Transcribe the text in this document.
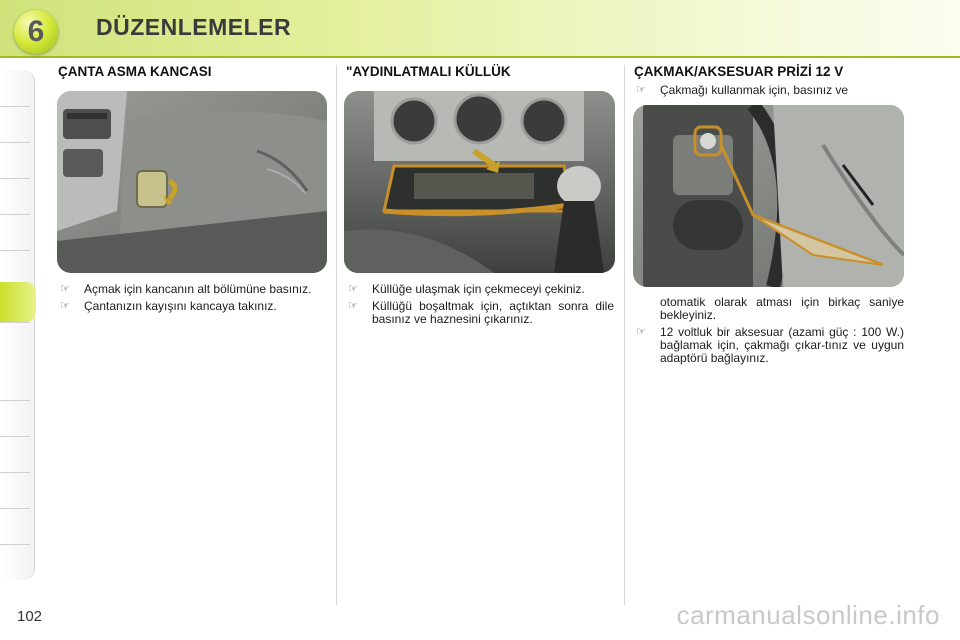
6 DÜZENLEMELER
ÇANTA ASMA KANCASI
☞ Açmak için kancanın alt bölümüne basınız.
☞ Çantanızın kayışını kancaya takınız.
"AYDINLATMALI KÜLLÜK
☞ Küllüğe ulaşmak için çekmeceyi çekiniz.
☞ Küllüğü boşaltmak için, açtıktan sonra dile basınız ve haznesini çıkarınız.
ÇAKMAK/AKSESUAR PRİZİ 12 V
☞ Çakmağı kullanmak için, basınız ve
otomatik olarak atması için birkaç saniye bekleyiniz.
☞ 12 voltluk bir aksesuar (azami güç : 100 W.) bağlamak için, çakmağı çıkar-tınız ve uygun adaptörü bağlayınız.
102	carmanualsonline.info
